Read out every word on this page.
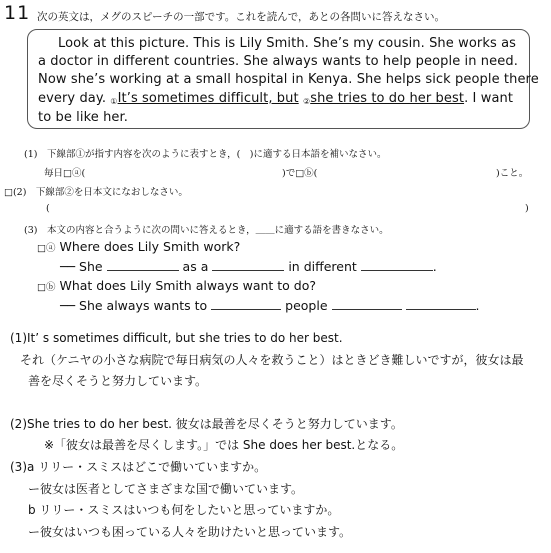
11 次の英文は，メグのスピーチの一部です。これを読んで，あとの各問いに答えなさい。
Look at this picture. This is Lily Smith. She’s my cousin. She works as
a doctor in different countries. She always wants to help people in need.
Now she’s working at a small hospital in Kenya. She helps sick people there
every day. ①It’s sometimes difficult, but ②she tries to do her best. I want
to be like her.
(1)　下線部①が指す内容を次のように表すとき，(　)に適する日本語を補いなさい。
毎日□ⓐ(	)で□ⓑ(	)こと。
□(2)　下線部②を日本文になおしなさい。
(	)
(3)　本文の内容と合うように次の問いに答えるとき，＿＿に適する語を書きなさい。
□ⓐ Where does Lily Smith work?
── She	as a	in different	.
□ⓑ What does Lily Smith always want to do?
── She always wants to	people	.
(1)It’ s sometimes difficult, but she tries to do her best.
それ（ケニヤの小さな病院で毎日病気の人々を救うこと）はときどき難しいですが，彼女は最
善を尽くそうと努力しています。
(2)She tries to do her best. 彼女は最善を尽くそうと努力しています。
※「彼女は最善を尽くします。」では She does her best.となる。
(3)a リリー・スミスはどこで働いていますか。
ー彼女は医者としてさまざまな国で働いています。
b リリー・スミスはいつも何をしたいと思っていますか。
ー彼女はいつも困っている人々を助けたいと思っています。
